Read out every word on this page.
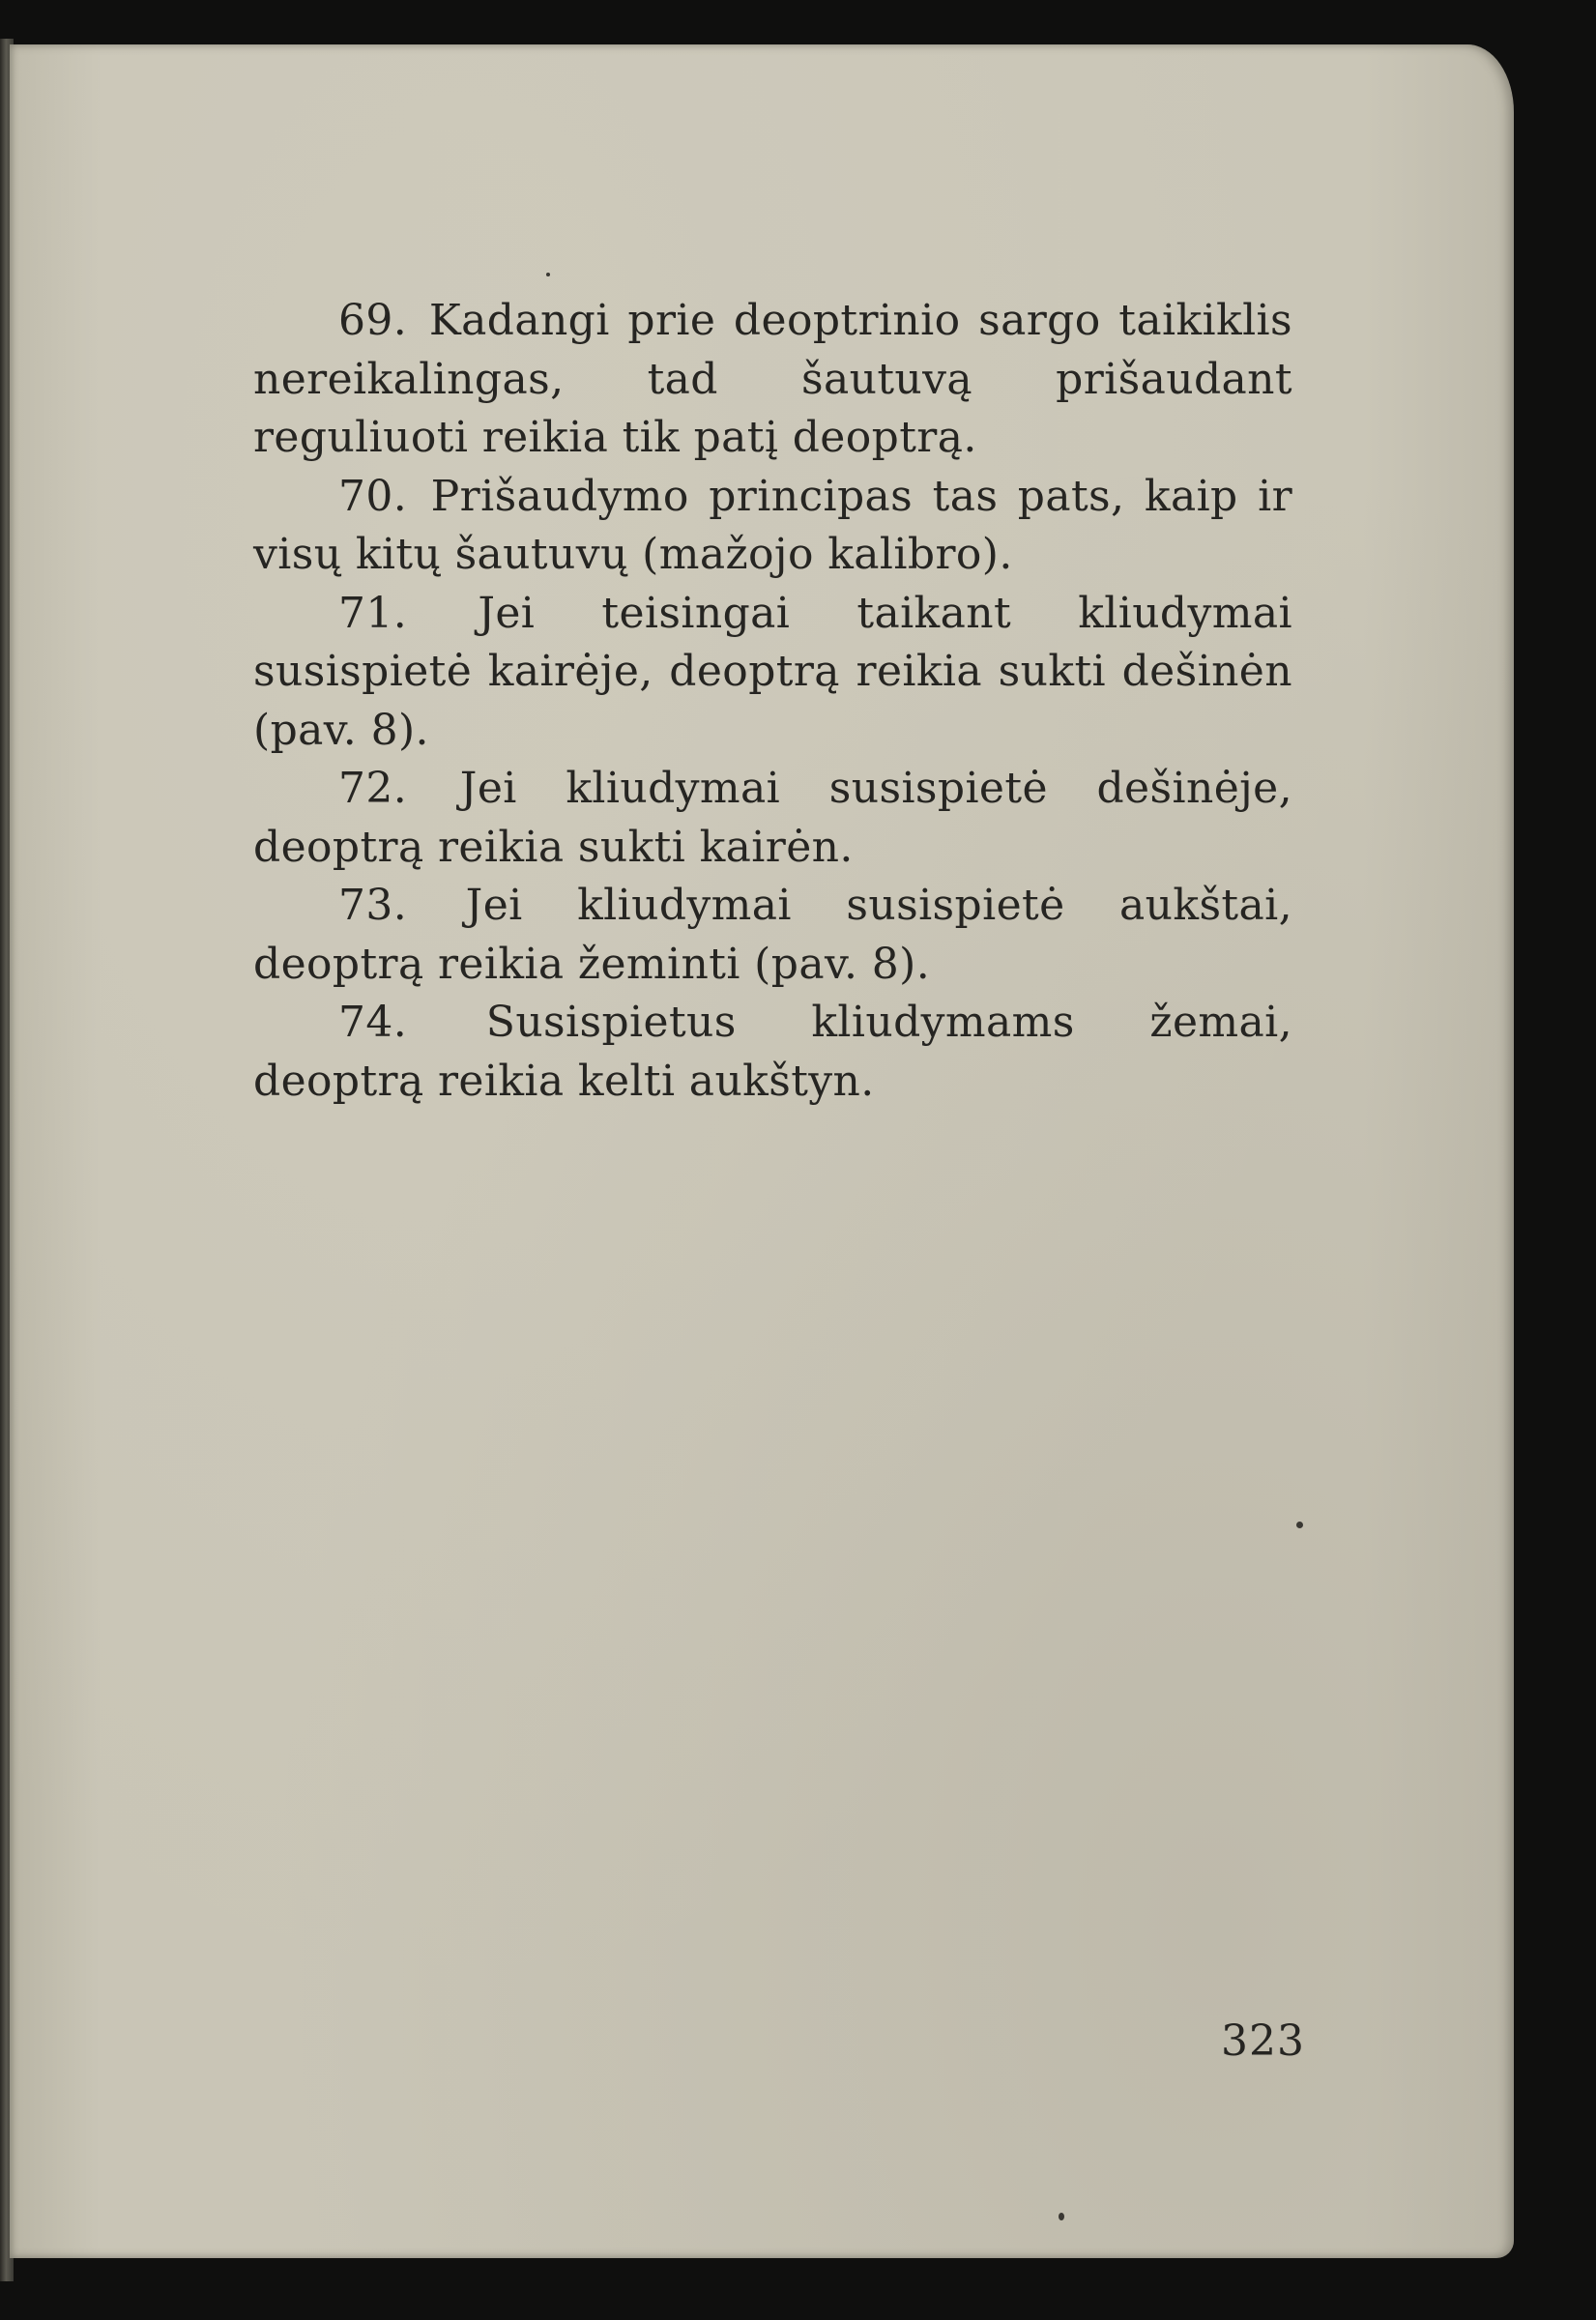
69. Kadangi prie deoptrinio sargo taikiklis nereikalingas, tad šautuvą prišaudant reguliuoti reikia tik patį deoptrą.

70. Prišaudymo principas tas pats, kaip ir visų kitų šautuvų (mažojo kalibro).

71. Jei teisingai taikant kliudymai susispietė kairėje, deoptrą reikia sukti dešinėn (pav. 8).

72. Jei kliudymai susispietė dešinėje, deoptrą reikia sukti kairėn.

73. Jei kliudymai susispietė aukštai, deoptrą reikia žeminti (pav. 8).

74. Susispietus kliudymams žemai, deoptrą reikia kelti aukštyn.

323
